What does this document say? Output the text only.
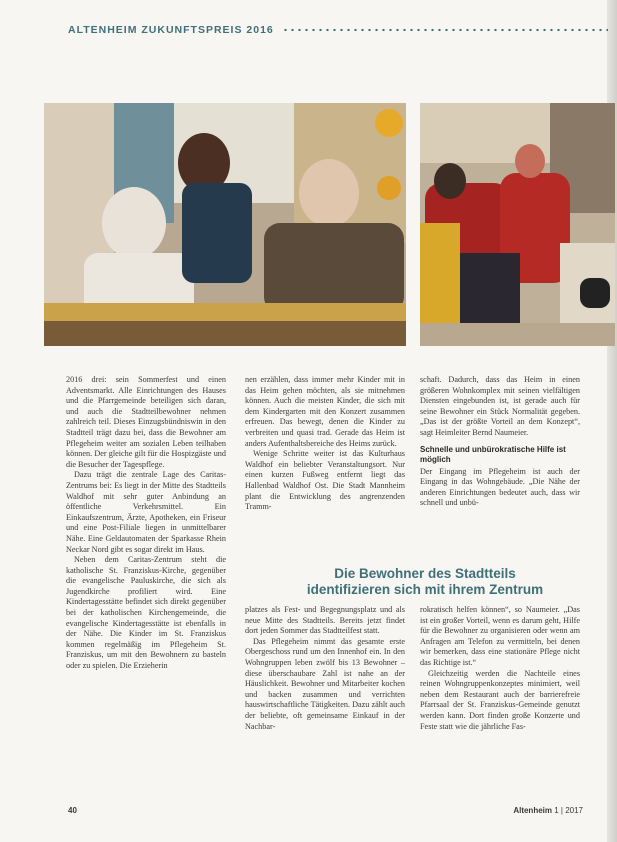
ALTENHEIM ZUKUNFTSPREIS 2016

2016 drei: sein Sommerfest und einen Adventsmarkt. Alle Einrichtungen des Hauses und die Pfarrgemeinde beteiligen sich daran, und auch die Stadtteilbewohner nehmen zahlreich teil. Dieses Einzugsbündniswin in den Stadtteil trägt dazu bei, dass die Bewohner am Pflegeheim weiter am sozialen Leben teilhaben können. Der gleiche gilt für die Hospizgäste und die Besucher der Tagespflege.

Dazu trägt die zentrale Lage des Caritas-Zentrums bei: Es liegt in der Mitte des Stadtteils Waldhof mit sehr guter Anbindung an öffentliche Verkehrsmittel. Ein Einkaufszentrum, Ärzte, Apotheken, ein Friseur und eine Post-Filiale liegen in unmittelbarer Nähe. Eine Geldautomaten der Sparkasse Rhein Neckar Nord gibt es sogar direkt im Haus.

Neben dem Caritas-Zentrum steht die katholische St. Franziskus-Kirche, gegenüber die evangelische Pauluskirche, die sich als Jugendkirche profiliert wird. Eine Kindertagesstätte befindet sich direkt gegenüber bei der katholischen Kirchengemeinde, die evangelische Kindertagesstätte ist ebenfalls in der Nähe. Die Kinder im St. Franziskus kommen regelmäßig im Pflegeheim St. Franziskus, um mit den Bewohnern zu basteln oder zu spielen. Die Erzieherin

nen erzählen, dass immer mehr Kinder mit in das Heim gehen möchten, als sie mitnehmen können. Auch die meisten Kinder, die sich mit dem Kindergarten mit den Konzert zusammen erfreuen. Das bewegt, denen die Kinder zu verbreiten und quasi trad. Gerade das Heim ist anders Aufenthaltsbereiche des Heims zurück.

Wenige Schritte weiter ist das Kulturhaus Waldhof ein beliebter Veranstaltungsort. Nur einen kurzen Fußweg entfernt liegt das Hallenbad Waldhof Ost. Die Stadt Mannheim plant die Entwicklung des angrenzenden Tramm-

schaft. Dadurch, dass das Heim in einen größeren Wohnkomplex mit seinen vielfältigen Diensten eingebunden ist, ist gerade auch für seine Bewohner ein Stück Normalität gegeben. „Das ist der größte Vorteil an dem Konzept“, sagt Heimleiter Bernd Naumeier.

Schnelle und unbürokratische Hilfe ist möglich

Der Eingang im Pflegeheim ist auch der Eingang in das Wohngebäude. „Die Nähe der anderen Einrichtungen bedeutet auch, dass wir schnell und unbü-

Die Bewohner des Stadtteils
identifizieren sich mit ihrem Zentrum

platzes als Fest- und Begegnungsplatz und als neue Mitte des Stadtteils. Bereits jetzt findet dort jeden Sommer das Stadtteilfest statt.

Das Pflegeheim nimmt das gesamte erste Obergeschoss rund um den Innenhof ein. In den Wohngruppen leben zwölf bis 13 Bewohner – diese überschaubare Zahl ist nahe an der Häuslichkeit. Bewohner und Mitarbeiter kochen und backen zusammen und verrichten hauswirtschaftliche Tätigkeiten. Dazu zählt auch der beliebte, oft gemeinsame Einkauf in der Nachbar-

rokratisch helfen können“, so Naumeier. „Das ist ein großer Vorteil, wenn es darum geht, Hilfe für die Bewohner zu organisieren oder wenn am Anfragen am Telefon zu vermitteln, bei denen wir bemerken, dass eine stationäre Pflege nicht das Richtige ist.“

Gleichzeitig werden die Nachteile eines reinen Wohngruppenkonzeptes minimiert, weil neben dem Restaurant auch der barrierefreie Pfarrsaal der St. Franziskus-Gemeinde genutzt werden kann. Dort finden große Konzerte und Feste statt wie die jährliche Fas-

40	Altenheim 1 | 2017
